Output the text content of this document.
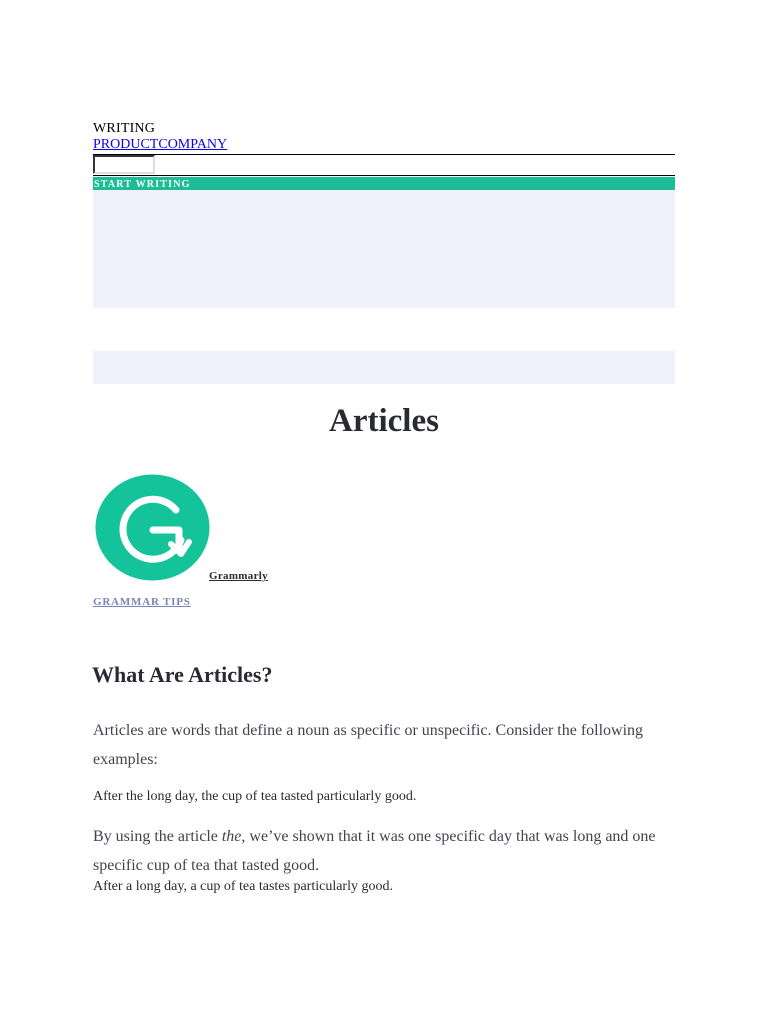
WRITING
PRODUCTCOMPANY
START WRITING
Articles
Grammarly
GRAMMAR TIPS
What Are Articles?

Articles are words that define a noun as specific or unspecific. Consider the following examples:

After the long day, the cup of tea tasted particularly good.

By using the article the, we’ve shown that it was one specific day that was long and one specific cup of tea that tasted good.

After a long day, a cup of tea tastes particularly good.
